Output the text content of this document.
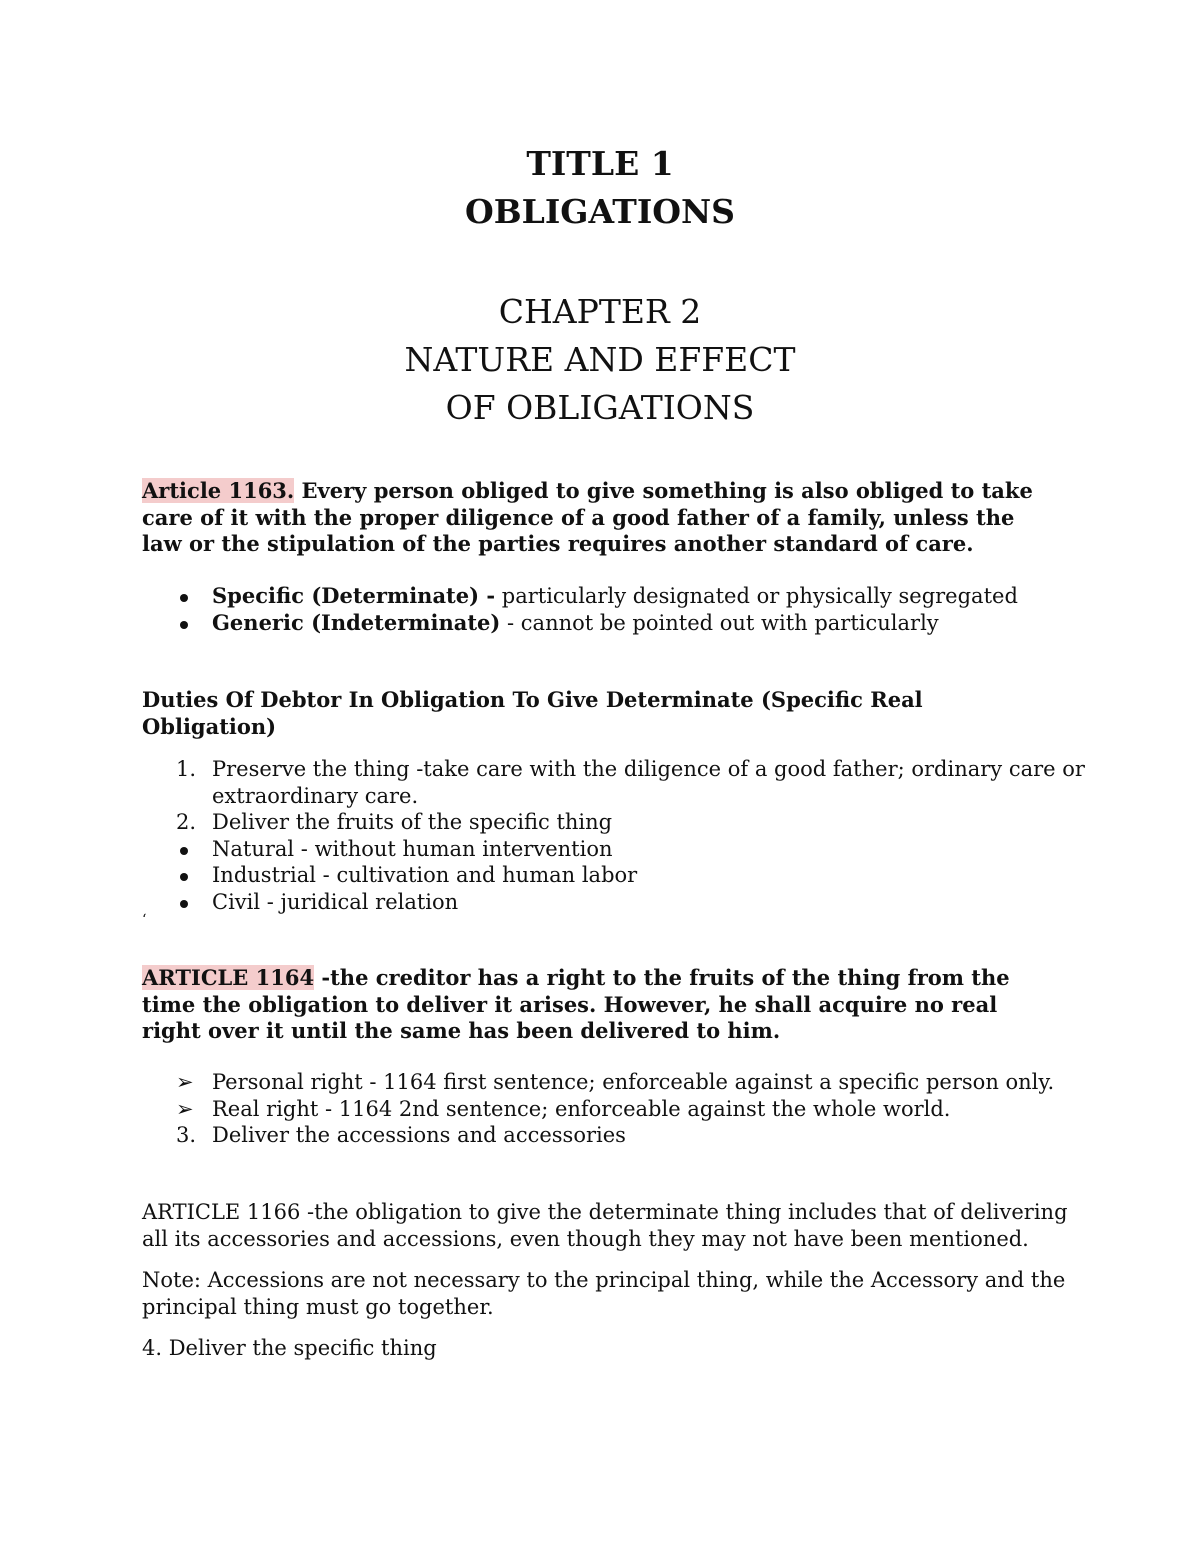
TITLE 1
OBLIGATIONS
CHAPTER 2
NATURE AND EFFECT
OF OBLIGATIONS
Article 1163. Every person obliged to give something is also obliged to take
care of it with the proper diligence of a good father of a family, unless the
law or the stipulation of the parties requires another standard of care.
Specific (Determinate) - particularly designated or physically segregated
Generic (Indeterminate) - cannot be pointed out with particularly
Duties Of Debtor In Obligation To Give Determinate (Specific Real
Obligation)
1. Preserve the thing -take care with the diligence of a good father; ordinary care or
extraordinary care.
2. Deliver the fruits of the specific thing
Natural - without human intervention
Industrial - cultivation and human labor
Civil - juridical relation
‘
ARTICLE 1164 -the creditor has a right to the fruits of the thing from the
time the obligation to deliver it arises. However, he shall acquire no real
right over it until the same has been delivered to him.
➢ Personal right - 1164 first sentence; enforceable against a specific person only.
➢ Real right - 1164 2nd sentence; enforceable against the whole world.
3. Deliver the accessions and accessories
ARTICLE 1166 -the obligation to give the determinate thing includes that of delivering
all its accessories and accessions, even though they may not have been mentioned.
Note: Accessions are not necessary to the principal thing, while the Accessory and the
principal thing must go together.
4. Deliver the specific thing
